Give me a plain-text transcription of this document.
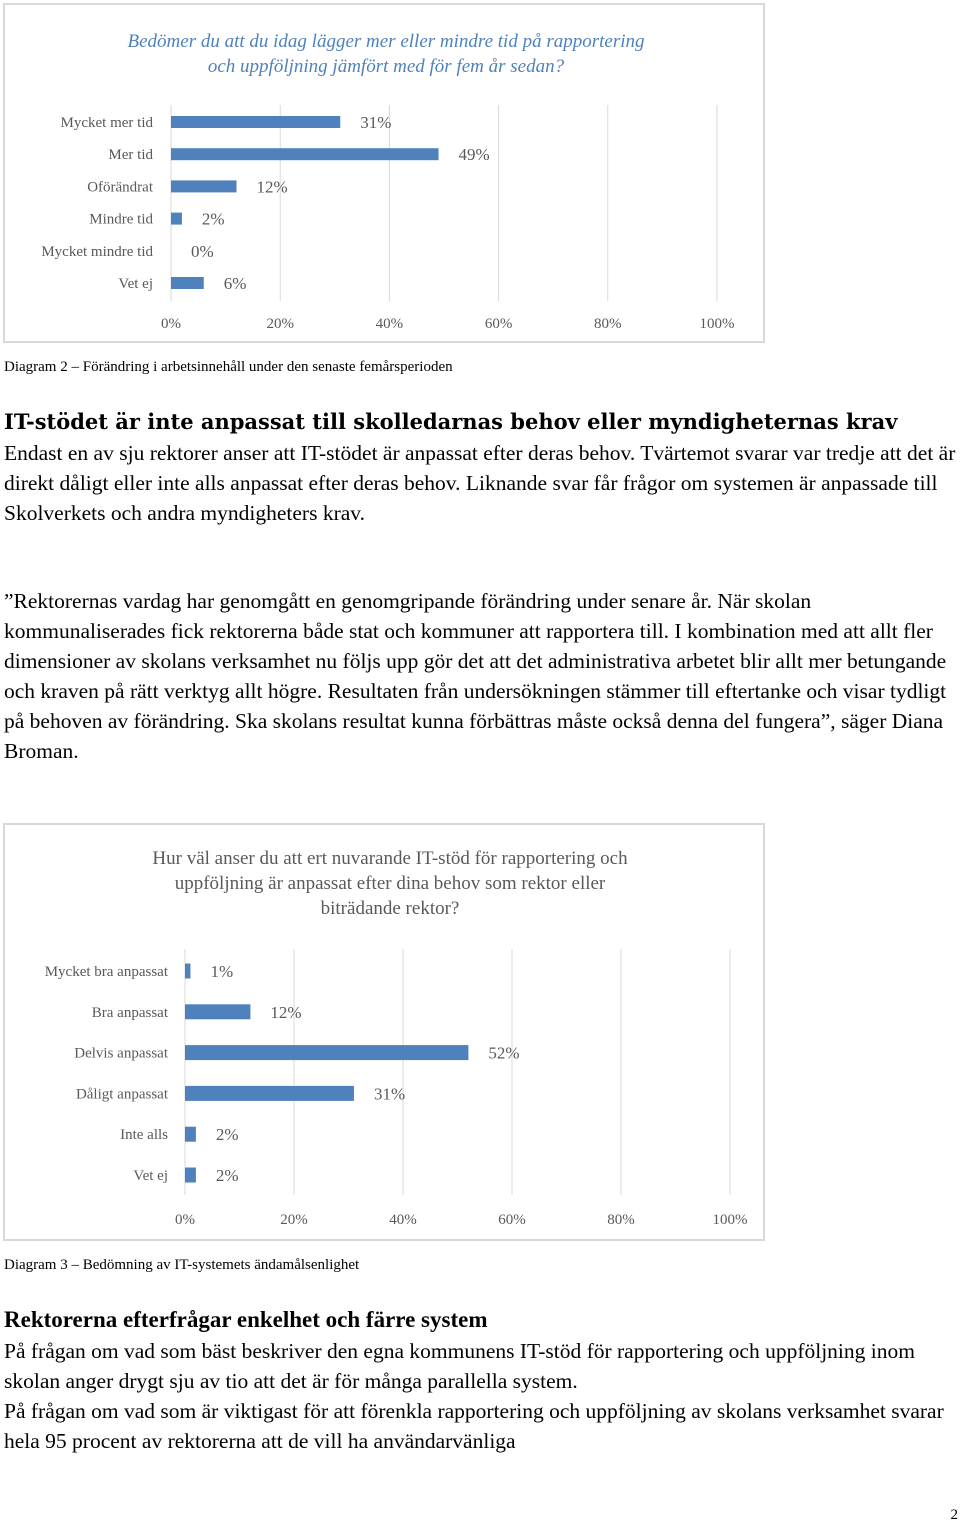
Bedömer du att du idag lägger mer eller mindre tid på rapportering
och uppföljning jämfört med för fem år sedan?
0%	20%	40%	60%	80%	100%
Mycket mer tid	31%
Mer tid	49%
Oförändrat	12%
Mindre tid	2%
Mycket mindre tid 0%
Vet ej	6%
Diagram 2 – Förändring i arbetsinnehåll under den senaste femårsperioden
IT-stödet är inte anpassat till skolledarnas behov eller myndigheternas krav

Endast en av sju rektorer anser att IT-stödet är anpassat efter deras behov. Tvärtemot svarar var tredje att det är direkt dåligt eller inte alls anpassat efter deras behov. Liknande svar får frågor om systemen är anpassade till Skolverkets och andra myndigheters krav.

”Rektorernas vardag har genomgått en genomgripande förändring under senare år. När skolan kommunaliserades fick rektorerna både stat och kommuner att rapportera till. I kombination med att allt fler dimensioner av skolans verksamhet nu följs upp gör det att det administrativa arbetet blir allt mer betungande och kraven på rätt verktyg allt högre. Resultaten från undersökningen stämmer till eftertanke och visar tydligt på behoven av förändring. Ska skolans resultat kunna förbättras måste också denna del fungera”, säger Diana Broman.

Hur väl anser du att ert nuvarande IT-stöd för rapportering och
uppföljning är anpassat efter dina behov som rektor eller
biträdande rektor?
0%	20%	40%	60%	80%	100%
Mycket bra anpassat 1%
Bra anpassat	12%
Delvis anpassat	52%
Dåligt anpassat	31%
Inte alls	2%
Vet ej	2%
Diagram 3 – Bedömning av IT-systemets ändamålsenlighet
Rektorerna efterfrågar enkelhet och färre system

På frågan om vad som bäst beskriver den egna kommunens IT-stöd för rapportering och uppföljning inom skolan anger drygt sju av tio att det är för många parallella system.

På frågan om vad som är viktigast för att förenkla rapportering och uppföljning av skolans verksamhet svarar hela 95 procent av rektorerna att de vill ha användarvänliga

2
